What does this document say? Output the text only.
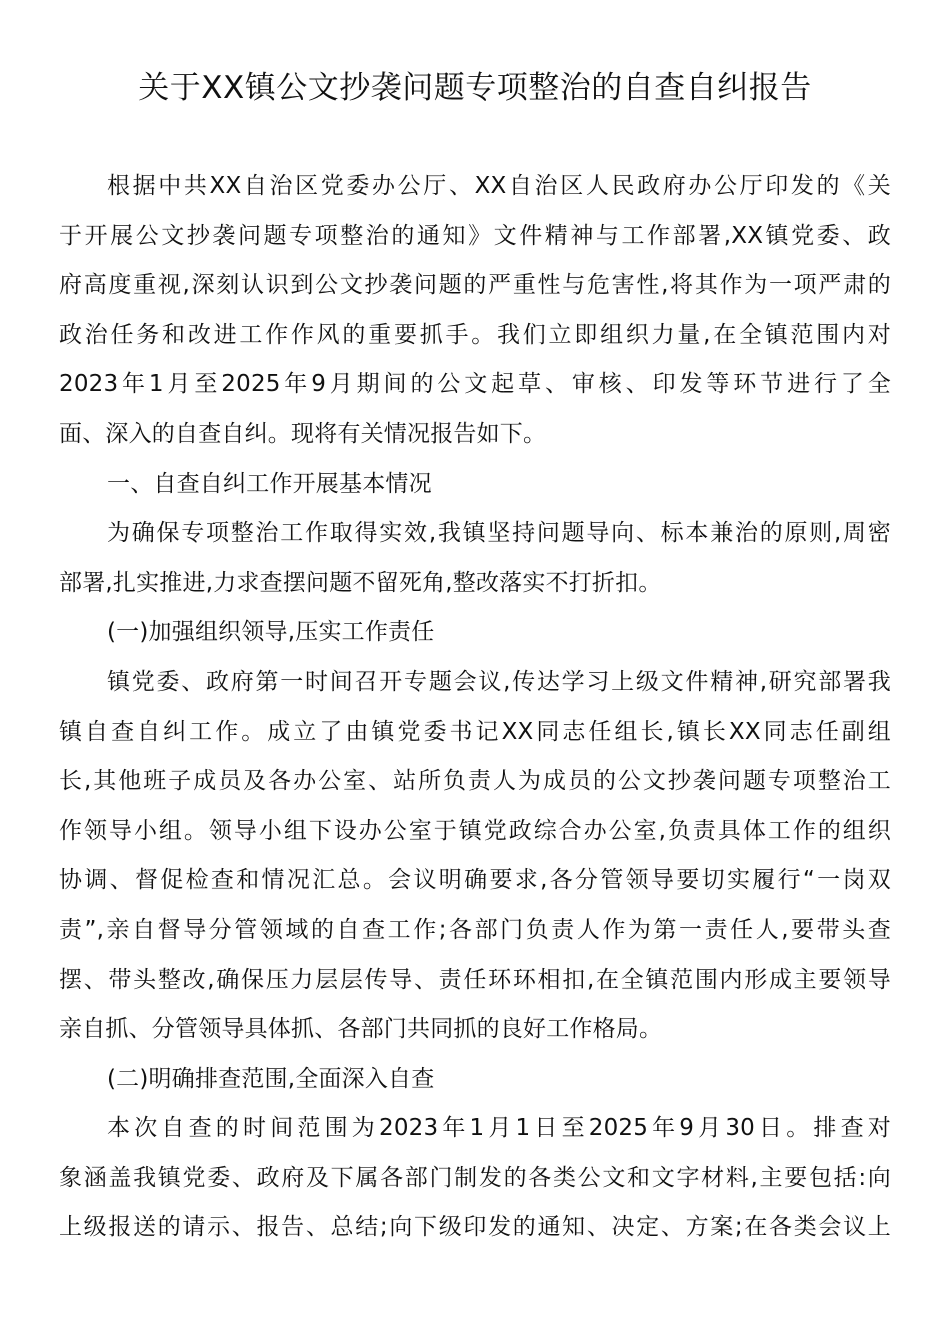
关于XX镇公文抄袭问题专项整治的自查自纠报告
根据中共XX自治区党委办公厅、XX自治区人民政府办公厅印发的《关
于开展公文抄袭问题专项整治的通知》文件精神与工作部署,XX镇党委、政
府高度重视,深刻认识到公文抄袭问题的严重性与危害性,将其作为一项严肃的
政治任务和改进工作作风的重要抓手。我们立即组织力量,在全镇范围内对
2023年1月至2025年9月期间的公文起草、审核、印发等环节进行了全
面、深入的自查自纠。现将有关情况报告如下。
一、自查自纠工作开展基本情况
为确保专项整治工作取得实效,我镇坚持问题导向、标本兼治的原则,周密
部署,扎实推进,力求查摆问题不留死角,整改落实不打折扣。
(一)加强组织领导,压实工作责任
镇党委、政府第一时间召开专题会议,传达学习上级文件精神,研究部署我
镇自查自纠工作。成立了由镇党委书记XX同志任组长,镇长XX同志任副组
长,其他班子成员及各办公室、站所负责人为成员的公文抄袭问题专项整治工
作领导小组。领导小组下设办公室于镇党政综合办公室,负责具体工作的组织
协调、督促检查和情况汇总。会议明确要求,各分管领导要切实履行“一岗双
责”,亲自督导分管领域的自查工作;各部门负责人作为第一责任人,要带头查
摆、带头整改,确保压力层层传导、责任环环相扣,在全镇范围内形成主要领导
亲自抓、分管领导具体抓、各部门共同抓的良好工作格局。
(二)明确排查范围,全面深入自查
本次自查的时间范围为2023年1月1日至2025年9月30日。排查对
象涵盖我镇党委、政府及下属各部门制发的各类公文和文字材料,主要包括:向
上级报送的请示、报告、总结;向下级印发的通知、决定、方案;在各类会议上
